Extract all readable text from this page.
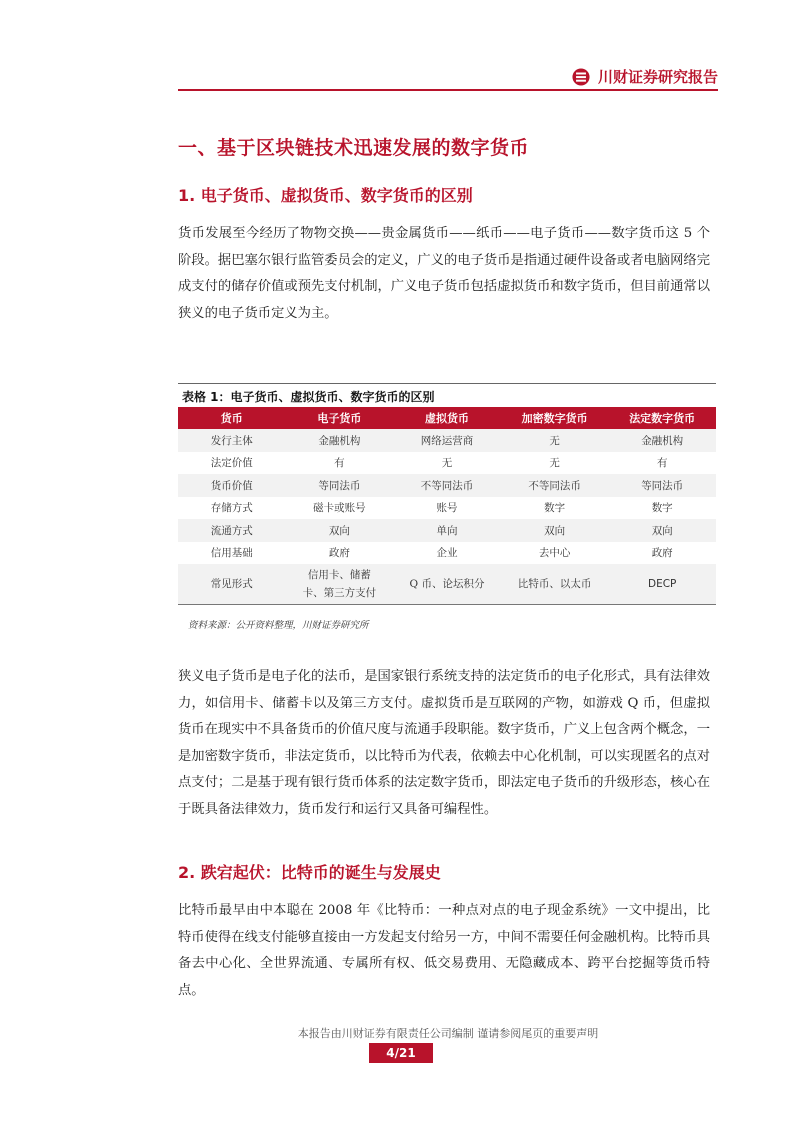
川财证券研究报告
一、基于区块链技术迅速发展的数字货币
1. 电子货币、虚拟货币、数字货币的区别
货币发展至今经历了物物交换——贵金属货币——纸币——电子货币——数字货币这 5 个阶段。据巴塞尔银行监管委员会的定义，广义的电子货币是指通过硬件设备或者电脑网络完成支付的储存价值或预先支付机制，广义电子货币包括虚拟货币和数字货币，但目前通常以狭义的电子货币定义为主。
表格 1：电子货币、虚拟货币、数字货币的区别
货币	电子货币	虚拟货币	加密数字货币	法定数字货币
发行主体	金融机构	网络运营商	无	金融机构
法定价值	有	无	无	有
货币价值	等同法币	不等同法币	不等同法币	等同法币
存储方式	磁卡或账号	账号	数字	数字
流通方式	双向	单向	双向	双向
信用基础	政府	企业	去中心	政府
常见形式	信用卡、储蓄卡、第三方支付	Q 币、论坛积分	比特币、以太币	DECP
资料来源：公开资料整理，川财证券研究所
狭义电子货币是电子化的法币，是国家银行系统支持的法定货币的电子化形式，具有法律效力，如信用卡、储蓄卡以及第三方支付。虚拟货币是互联网的产物，如游戏 Q 币，但虚拟货币在现实中不具备货币的价值尺度与流通手段职能。数字货币，广义上包含两个概念，一是加密数字货币，非法定货币，以比特币为代表，依赖去中心化机制，可以实现匿名的点对点支付；二是基于现有银行货币体系的法定数字货币，即法定电子货币的升级形态，核心在于既具备法律效力，货币发行和运行又具备可编程性。
2. 跌宕起伏：比特币的诞生与发展史
比特币最早由中本聪在 2008 年《比特币：一种点对点的电子现金系统》一文中提出，比特币使得在线支付能够直接由一方发起支付给另一方，中间不需要任何金融机构。比特币具备去中心化、全世界流通、专属所有权、低交易费用、无隐藏成本、跨平台挖掘等货币特点。
本报告由川财证券有限责任公司编制 谨请参阅尾页的重要声明
4/21
